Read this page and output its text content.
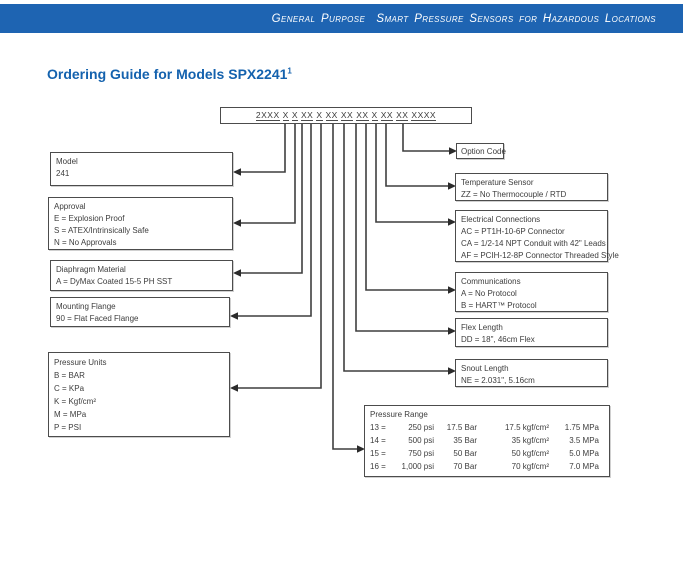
General Purpose  Smart Pressure Sensors for Hazardous Locations
Ordering Guide for Models SPX2241$^1$
2XXX X X XX X XX XX XX X XX XX XXXX
Model
241
Approval
E = Explosion Proof
S = ATEX/Intrinsically Safe
N = No Approvals
Diaphragm Material
A = DyMax Coated 15-5 PH SST
Mounting Flange
90 = Flat Faced Flange
Pressure Units
B = BAR
C = KPa
K = Kgf/cm²
M = MPa
P = PSI
Option Code
Temperature Sensor
ZZ = No Thermocouple / RTD
Electrical Connections
AC = PT1H-10-6P Connector
CA = 1/2-14 NPT Conduit with 42" Leads
AF = PCIH-12-8P Connector Threaded Style
Communications
A = No Protocol
B = HART™ Protocol
Flex Length
DD = 18", 46cm Flex
Snout Length
NE = 2.031", 5.16cm
Pressure Range
13 =	250 psi	17.5 Bar	17.5 kgf/cm²	1.75 MPa
14 =	500 psi	35 Bar	35 kgf/cm²	3.5 MPa
15 =	750 psi	50 Bar	50 kgf/cm²	5.0 MPa
16 =	1,000 psi	70 Bar	70 kgf/cm²	7.0 MPa
